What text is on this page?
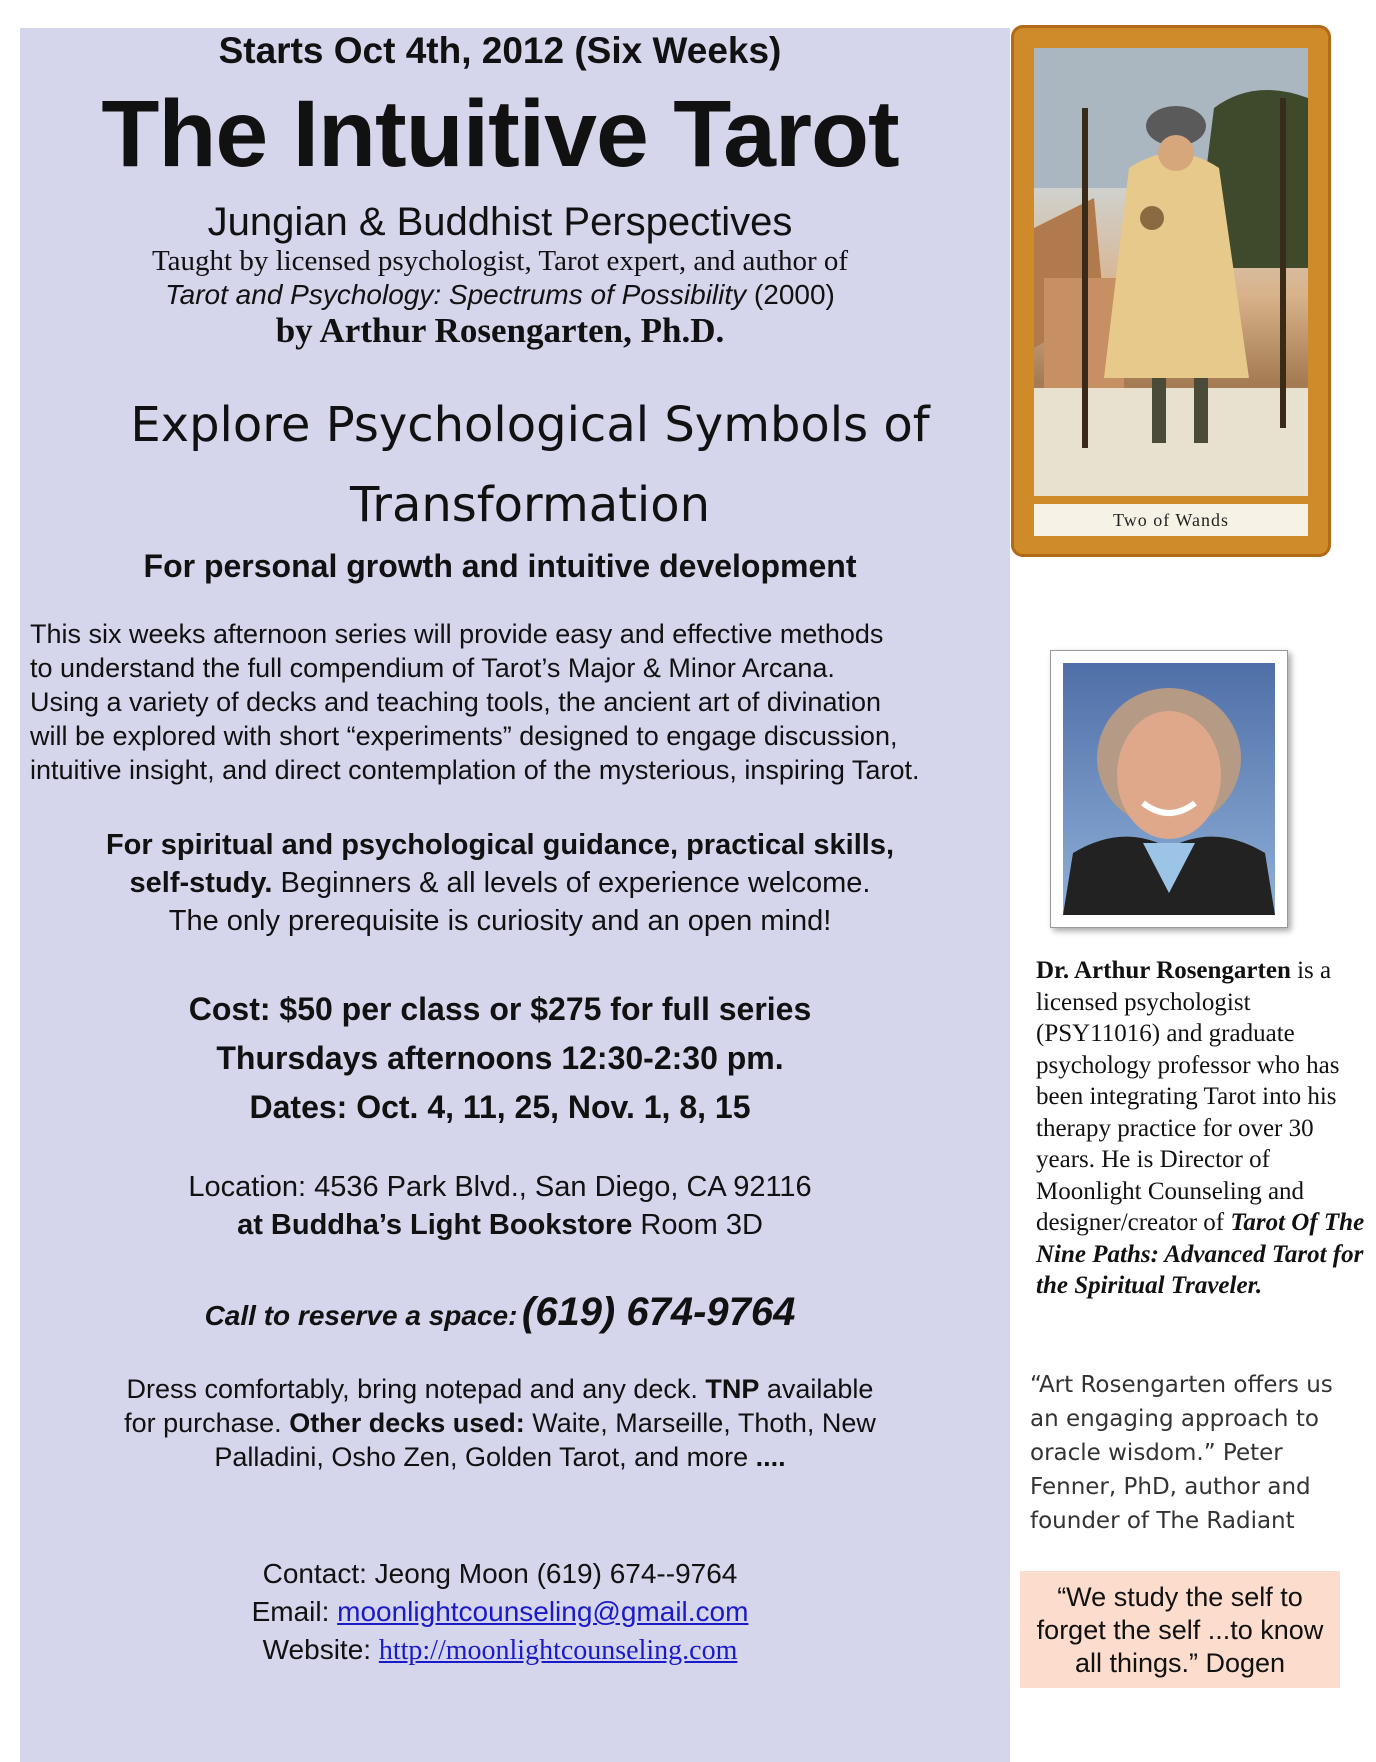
Starts Oct 4th, 2012 (Six Weeks)
The Intuitive Tarot
Jungian & Buddhist Perspectives
Taught by licensed psychologist, Tarot expert, and author of
Tarot and Psychology: Spectrums of Possibility (2000)
by Arthur Rosengarten, Ph.D.
Explore Psychological Symbols of
Transformation
For personal growth and intuitive development
This six weeks afternoon series will provide easy and effective methods
to understand the full compendium of Tarot’s Major & Minor Arcana.
Using a variety of decks and teaching tools, the ancient art of divination
will be explored with short “experiments” designed to engage discussion,
intuitive insight, and direct contemplation of the mysterious, inspiring Tarot.
For spiritual and psychological guidance, practical skills,
self-study. Beginners & all levels of experience welcome.
The only prerequisite is curiosity and an open mind!
Cost: $50 per class or $275 for full series
Thursdays afternoons 12:30-2:30 pm.
Dates: Oct. 4, 11, 25, Nov. 1, 8, 15
Location: 4536 Park Blvd., San Diego, CA 92116
at Buddha’s Light Bookstore Room 3D
Call to reserve a space: (619) 674-9764
Dress comfortably, bring notepad and any deck. TNP available
for purchase. Other decks used: Waite, Marseille, Thoth, New
Palladini, Osho Zen, Golden Tarot, and more ....
Contact: Jeong Moon (619) 674--9764
Email: moonlightcounseling@gmail.com
Website: http://moonlightcounseling.com
Two of Wands
Dr. Arthur Rosengarten is a licensed psychologist (PSY11016) and graduate psychology professor who has been integrating Tarot into his therapy practice for over 30 years. He is Director of Moonlight Counseling and designer/creator of Tarot Of The Nine Paths: Advanced Tarot for the Spiritual Traveler.
“Art Rosengarten offers us an engaging approach to oracle wisdom.” Peter Fenner, PhD, author and founder of The Radiant
“We study the self to forget the self ...to know all things.” Dogen
